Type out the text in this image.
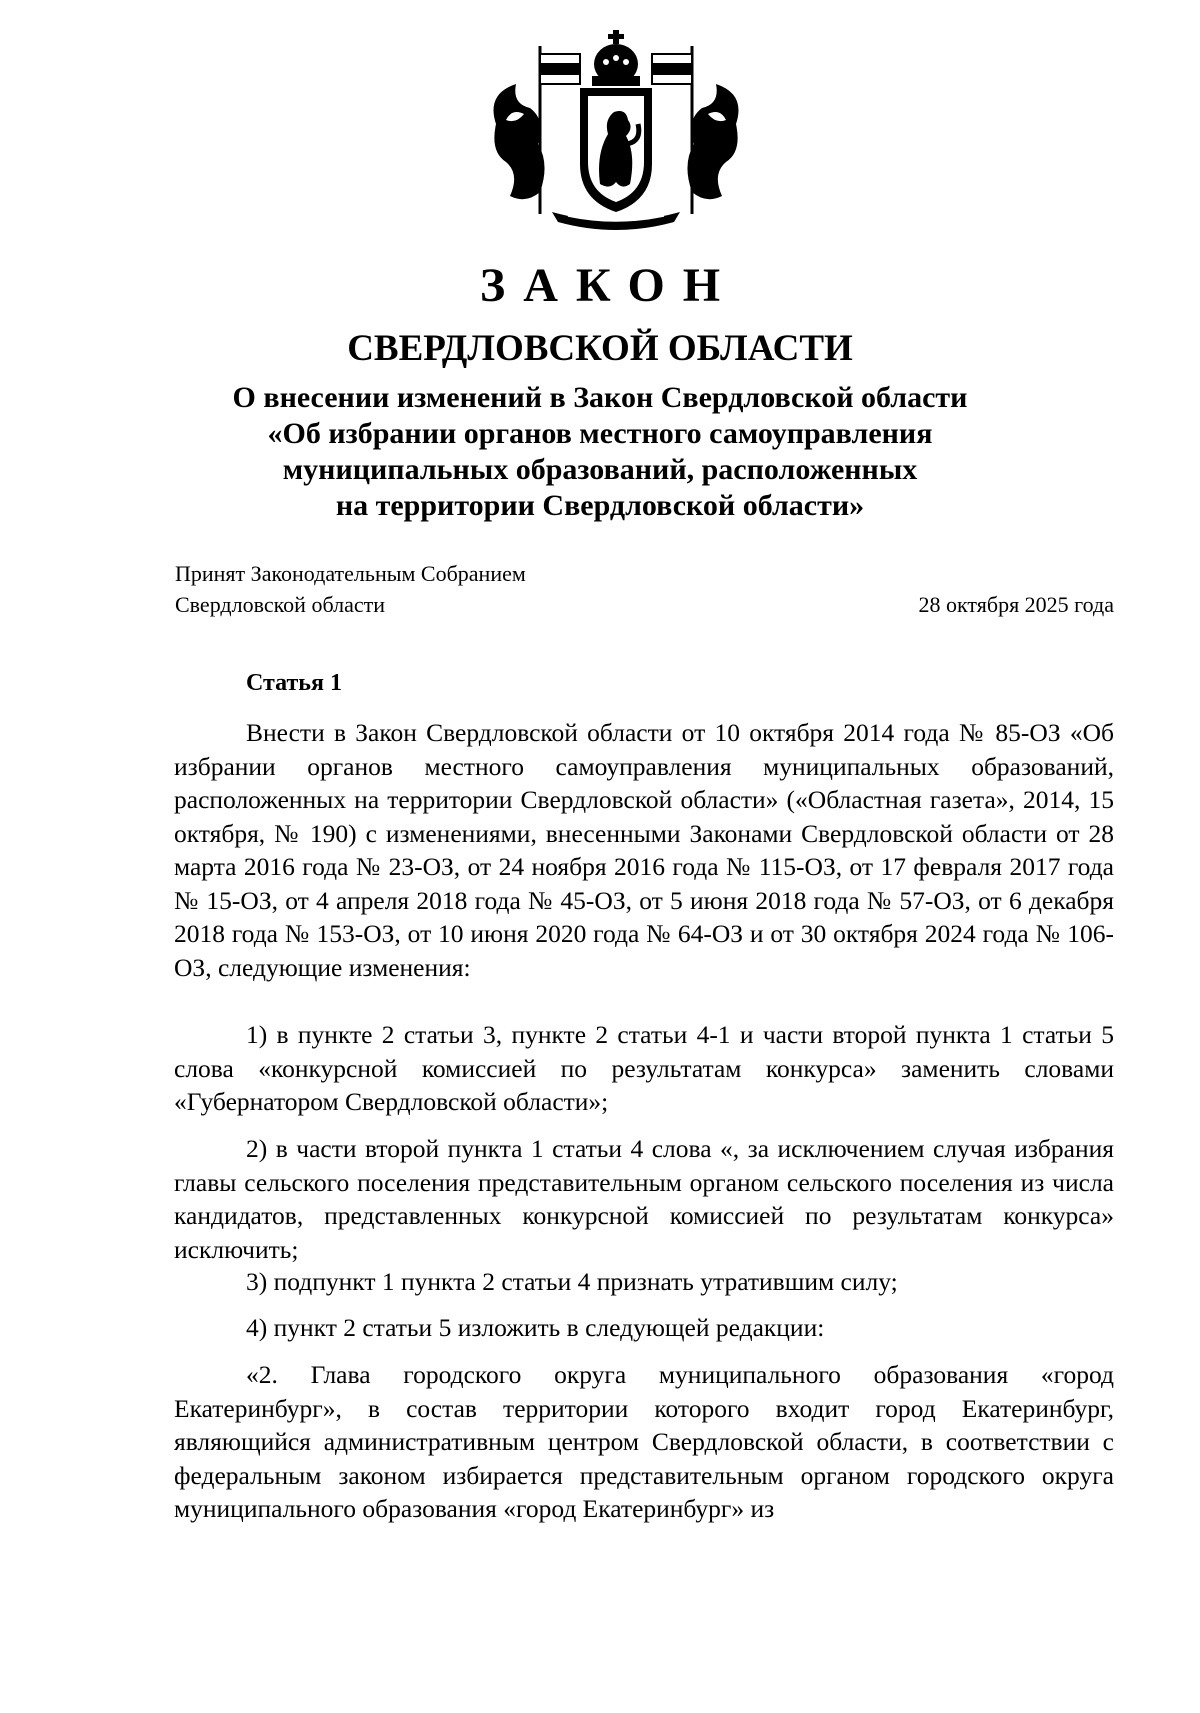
ЗАКОН
СВЕРДЛОВСКОЙ ОБЛАСТИ
О внесении изменений в Закон Свердловской области
«Об избрании органов местного самоуправления
муниципальных образований, расположенных
на территории Свердловской области»
Принят Законодательным Собранием
Свердловской области	28 октября 2025 года
Статья 1

Внести в Закон Свердловской области от 10 октября 2014 года № 85-ОЗ «Об избрании органов местного самоуправления муниципальных образований, расположенных на территории Свердловской области» («Областная газета», 2014, 15 октября, № 190) с изменениями, внесенными Законами Свердловской области от 28 марта 2016 года № 23-ОЗ, от 24 ноября 2016 года № 115-ОЗ, от 17 февраля 2017 года № 15-ОЗ, от 4 апреля 2018 года № 45-ОЗ, от 5 июня 2018 года № 57-ОЗ, от 6 декабря 2018 года № 153-ОЗ, от 10 июня 2020 года № 64-ОЗ и от 30 октября 2024 года № 106-ОЗ, следующие изменения:

1) в пункте 2 статьи 3, пункте 2 статьи 4-1 и части второй пункта 1 статьи 5 слова «конкурсной комиссией по результатам конкурса» заменить словами «Губернатором Свердловской области»;

2) в части второй пункта 1 статьи 4 слова «, за исключением случая избрания главы сельского поселения представительным органом сельского поселения из числа кандидатов, представленных конкурсной комиссией по результатам конкурса» исключить;

3) подпункт 1 пункта 2 статьи 4 признать утратившим силу;

4) пункт 2 статьи 5 изложить в следующей редакции:

«2. Глава городского округа муниципального образования «город Екатеринбург», в состав территории которого входит город Екатеринбург, являющийся административным центром Свердловской области, в соответствии с федеральным законом избирается представительным органом городского округа муниципального образования «город Екатеринбург» из
